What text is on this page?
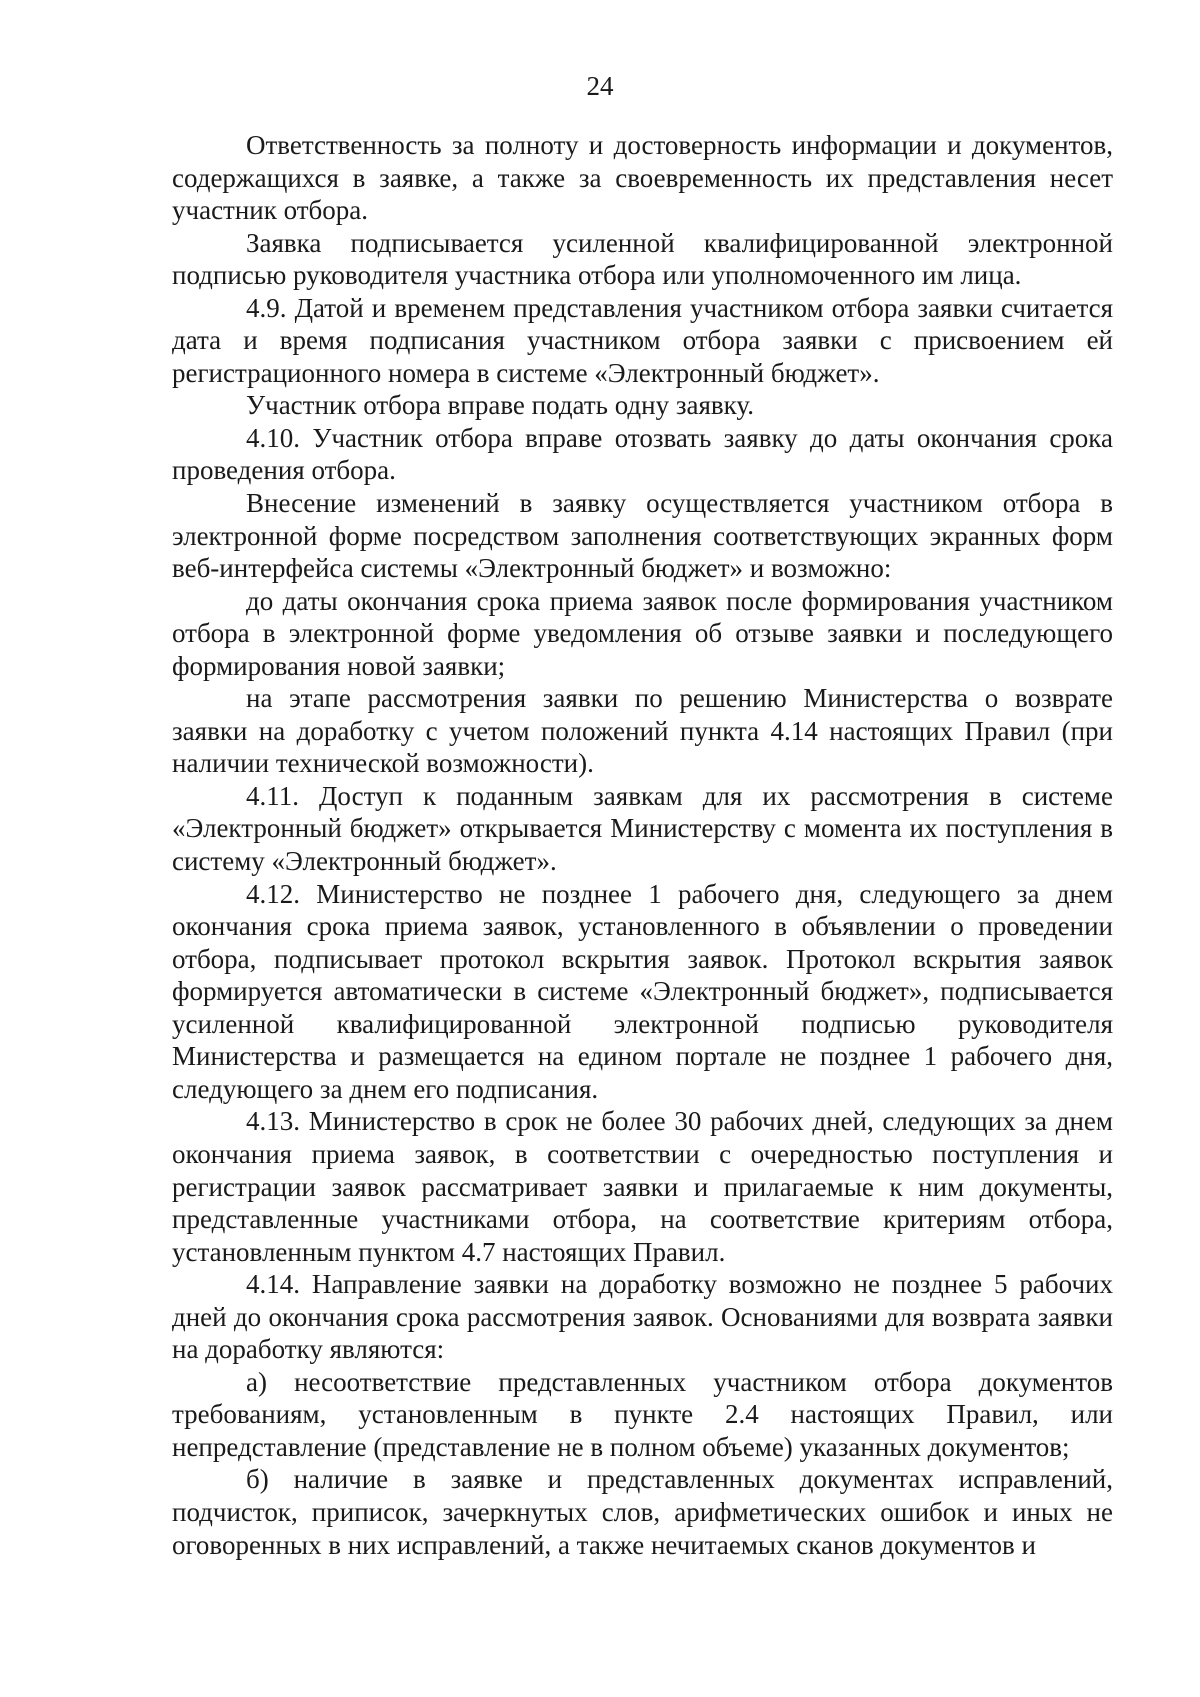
24

Ответственность за полноту и достоверность информации и документов, содержащихся в заявке, а также за своевременность их представления несет участник отбора.

Заявка подписывается усиленной квалифицированной электронной подписью руководителя участника отбора или уполномоченного им лица.

4.9. Датой и временем представления участником отбора заявки считается дата и время подписания участником отбора заявки с присвоением ей регистрационного номера в системе «Электронный бюджет».

Участник отбора вправе подать одну заявку.

4.10. Участник отбора вправе отозвать заявку до даты окончания срока проведения отбора.

Внесение изменений в заявку осуществляется участником отбора в электронной форме посредством заполнения соответствующих экранных форм веб-интерфейса системы «Электронный бюджет» и возможно:

до даты окончания срока приема заявок после формирования участником отбора в электронной форме уведомления об отзыве заявки и последующего формирования новой заявки;

на этапе рассмотрения заявки по решению Министерства о возврате заявки на доработку с учетом положений пункта 4.14 настоящих Правил (при наличии технической возможности).

4.11. Доступ к поданным заявкам для их рассмотрения в системе «Электронный бюджет» открывается Министерству с момента их поступления в систему «Электронный бюджет».

4.12. Министерство не позднее 1 рабочего дня, следующего за днем окончания срока приема заявок, установленного в объявлении о проведении отбора, подписывает протокол вскрытия заявок. Протокол вскрытия заявок формируется автоматически в системе «Электронный бюджет», подписывается усиленной квалифицированной электронной подписью руководителя Министерства и размещается на едином портале не позднее 1 рабочего дня, следующего за днем его подписания.

4.13. Министерство в срок не более 30 рабочих дней, следующих за днем окончания приема заявок, в соответствии с очередностью поступления и регистрации заявок рассматривает заявки и прилагаемые к ним документы, представленные участниками отбора, на соответствие критериям отбора, установленным пунктом 4.7 настоящих Правил.

4.14. Направление заявки на доработку возможно не позднее 5 рабочих дней до окончания срока рассмотрения заявок. Основаниями для возврата заявки на доработку являются:

а) несоответствие представленных участником отбора документов требованиям, установленным в пункте 2.4 настоящих Правил, или непредставление (представление не в полном объеме) указанных документов;

б) наличие в заявке и представленных документах исправлений, подчисток, приписок, зачеркнутых слов, арифметических ошибок и иных не оговоренных в них исправлений, а также нечитаемых сканов документов и
